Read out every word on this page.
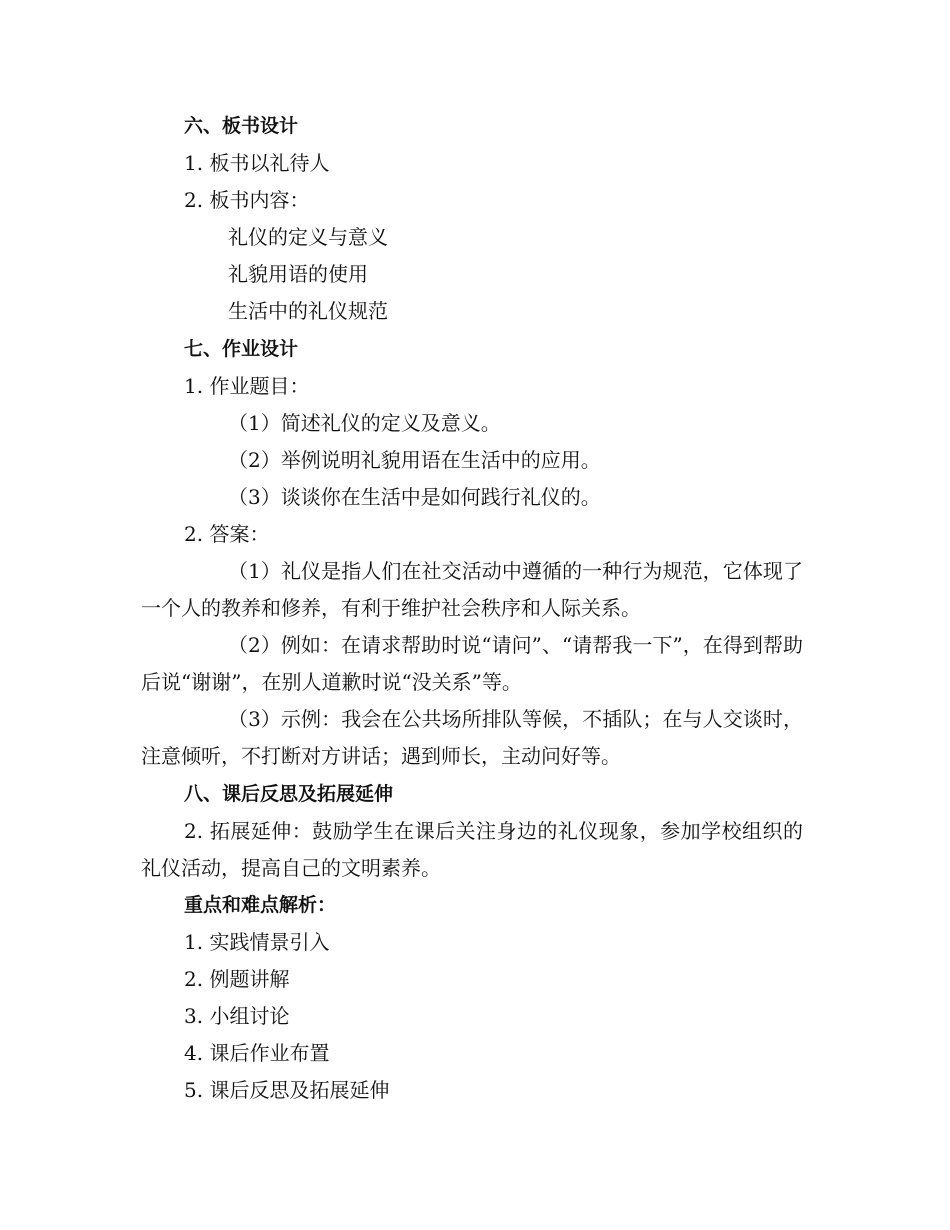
六、板书设计
1. 板书以礼待人
2. 板书内容：
礼仪的定义与意义
礼貌用语的使用
生活中的礼仪规范
七、作业设计
1. 作业题目：
（1）简述礼仪的定义及意义。
（2）举例说明礼貌用语在生活中的应用。
（3）谈谈你在生活中是如何践行礼仪的。
2. 答案：
（1）礼仪是指人们在社交活动中遵循的一种行为规范，它体现了一个人的教养和修养，有利于维护社会秩序和人际关系。
（2）例如：在请求帮助时说“请问”、“请帮我一下”，在得到帮助后说“谢谢”，在别人道歉时说“没关系”等。
（3）示例：我会在公共场所排队等候，不插队；在与人交谈时，注意倾听，不打断对方讲话；遇到师长，主动问好等。
八、课后反思及拓展延伸
2. 拓展延伸：鼓励学生在课后关注身边的礼仪现象，参加学校组织的礼仪活动，提高自己的文明素养。
重点和难点解析：
1. 实践情景引入
2. 例题讲解
3. 小组讨论
4. 课后作业布置
5. 课后反思及拓展延伸
